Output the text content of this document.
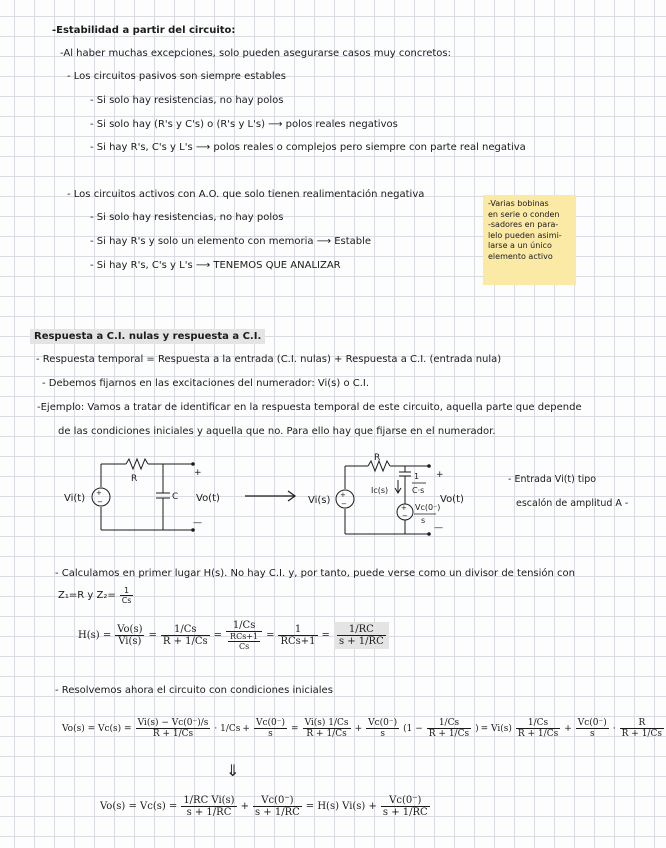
-Estabilidad a partir del circuito:
-Al haber muchas excepciones, solo pueden asegurarse casos muy concretos:
- Los circuitos pasivos son siempre estables
- Si solo hay resistencias, no hay polos
- Si solo hay (R's y C's) o (R's y L's) ⟶ polos reales negativos
- Si hay R's, C's y L's ⟶ polos reales o complejos pero siempre con parte real negativa
- Los circuitos activos con A.O. que solo tienen realimentación negativa
- Si solo hay resistencias, no hay polos
- Si hay R's y solo un elemento con memoria ⟶ Estable
- Si hay R's, C's y L's ⟶ TENEMOS QUE ANALIZAR
-Varias bobinas
en serie o conden
-sadores en para-
lelo pueden asimi-
larse a un único
elemento activo
Respuesta a C.I. nulas y respuesta a C.I.
- Respuesta temporal = Respuesta a la entrada (C.I. nulas) + Respuesta a C.I. (entrada nula)
- Debemos fijarnos en las excitaciones del numerador: Vi(s) o C.I.
-Ejemplo: Vamos a tratar de identificar en la respuesta temporal de este circuito, aquella parte que depende
de las condiciones iniciales y aquella que no. Para ello hay que fijarse en el numerador.
+
−
R
C
Vi(t)	Vo(t)
+
—
+
−	+
−
R
Ic(s)
1
C·s
Vc(0⁻)
s
Vi(s)	Vo(t)
+
—
- Entrada Vi(t) tipo
escalón de amplitud A -
- Calculamos en primer lugar H(s). No hay C.I. y, por tanto, puede verse como un divisor de tensión con
Z₁=R y $Z_2= \frac{1}{Cs}$
$H(s) = \frac{Vo(s)}{Vi(s)} = \frac{1/Cs}{R + 1/Cs} = \frac{1/Cs}{\frac{\text{RCs+1}}{Cs}} = \frac{1}{\text{RCs+1}} = \frac{1/RC}{s + 1/RC}$
- Resolvemos ahora el circuito con condiciones iniciales
$Vo(s) = Vc(s) = \frac{Vi(s) - Vc(0^-)/s}{R + 1/Cs} \cdot 1/Cs + \frac{Vc(0^-)}{s} = \frac{Vi(s) 1/Cs}{R + 1/Cs} + \frac{Vc(0^-)}{s} (1 - \frac{1/Cs}{R + 1/Cs}$ ) = $Vi(s) \frac{1/Cs}{R + 1/Cs} + \frac{Vc(0^-)}{s} \cdot \frac{R}{R + 1/Cs}$
⇓
$Vo(s) = Vc(s) = \frac{\text{1/RC Vi(s)}}{s + 1/RC} + \frac{Vc(0^-)}{s + 1/RC} = H(s) Vi(s) + \frac{Vc(0^-)}{s + 1/RC}$
